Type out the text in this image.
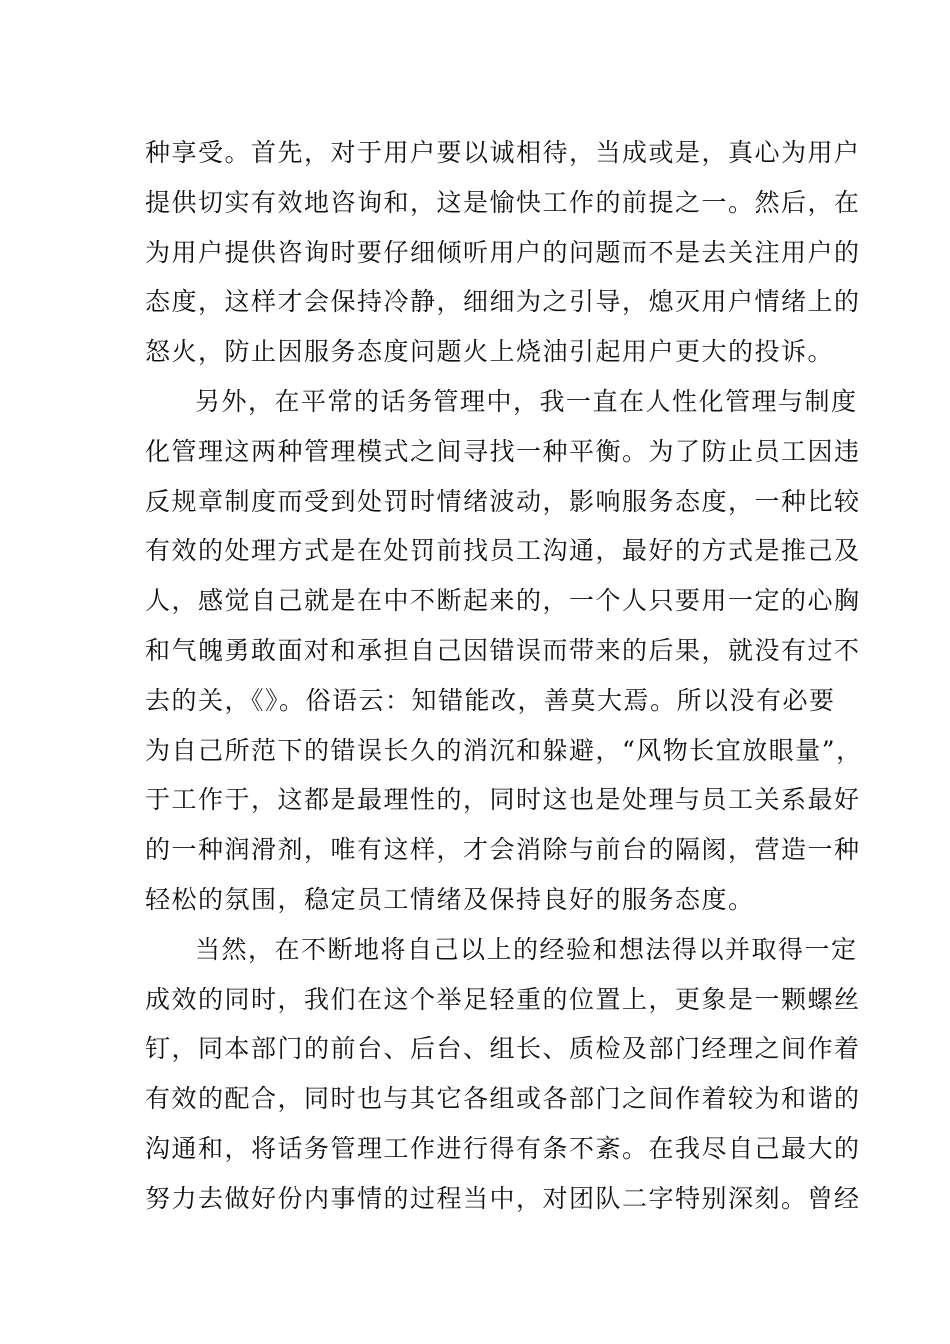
种享受。首先，对于用户要以诚相待，当成或是，真心为用户
提供切实有效地咨询和，这是愉快工作的前提之一。然后，在
为用户提供咨询时要仔细倾听用户的问题而不是去关注用户的
态度，这样才会保持冷静，细细为之引导，熄灭用户情绪上的
怒火，防止因服务态度问题火上烧油引起用户更大的投诉。
另外，在平常的话务管理中，我一直在人性化管理与制度
化管理这两种管理模式之间寻找一种平衡。为了防止员工因违
反规章制度而受到处罚时情绪波动，影响服务态度，一种比较
有效的处理方式是在处罚前找员工沟通，最好的方式是推己及
人，感觉自己就是在中不断起来的，一个人只要用一定的心胸
和气魄勇敢面对和承担自己因错误而带来的后果，就没有过不
去的关，《》。俗语云：知错能改，善莫大焉。所以没有必要
为自己所范下的错误长久的消沉和躲避，“风物长宜放眼量”，
于工作于，这都是最理性的，同时这也是处理与员工关系最好
的一种润滑剂，唯有这样，才会消除与前台的隔阂，营造一种
轻松的氛围，稳定员工情绪及保持良好的服务态度。
当然，在不断地将自己以上的经验和想法得以并取得一定
成效的同时，我们在这个举足轻重的位置上，更象是一颗螺丝
钉，同本部门的前台、后台、组长、质检及部门经理之间作着
有效的配合，同时也与其它各组或各部门之间作着较为和谐的
沟通和，将话务管理工作进行得有条不紊。在我尽自己最大的
努力去做好份内事情的过程当中，对团队二字特别深刻。曾经
